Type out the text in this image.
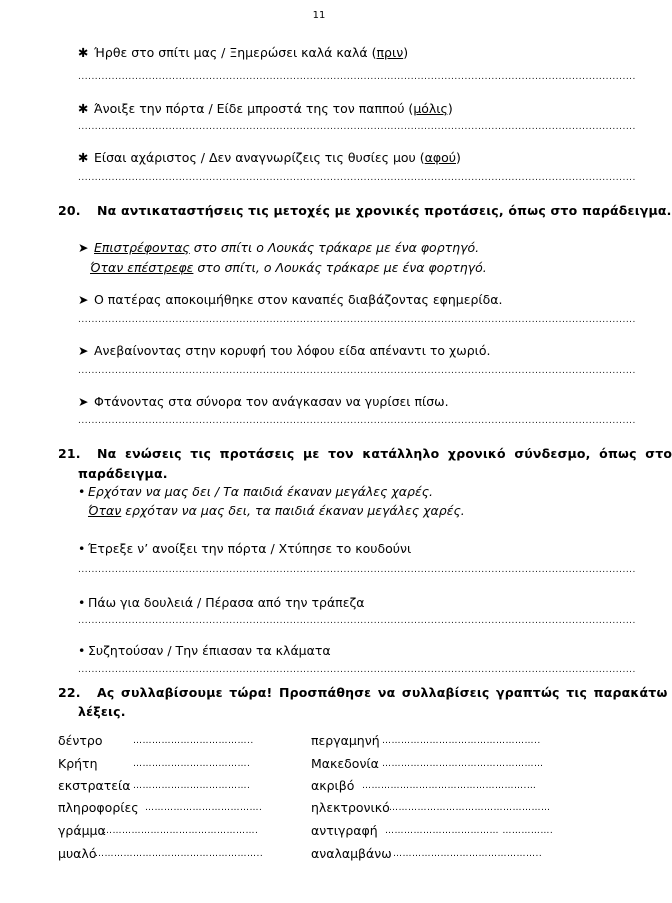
11
✱ Ήρθε στο σπίτι μας / Ξημερώσει καλά καλά (πριν)
......................................................................................................................................................................
✱ Άνοιξε την πόρτα / Είδε μπροστά της τον παππού (μόλις)
......................................................................................................................................................................
✱ Είσαι αχάριστος / Δεν αναγνωρίζεις τις θυσίες μου (αφού)
......................................................................................................................................................................
20. Να αντικαταστήσεις τις μετοχές με χρονικές προτάσεις, όπως στο παράδειγμα.
➤ Επιστρέφοντας στο σπίτι ο Λουκάς τράκαρε με ένα φορτηγό.
Όταν επέστρεφε στο σπίτι, ο Λουκάς τράκαρε με ένα φορτηγό.
➤ Ο πατέρας αποκοιμήθηκε στον καναπές διαβάζοντας εφημερίδα.
......................................................................................................................................................................
➤ Ανεβαίνοντας στην κορυφή του λόφου είδα απέναντι το χωριό.
......................................................................................................................................................................
➤ Φτάνοντας στα σύνορα τον ανάγκασαν να γυρίσει πίσω.
......................................................................................................................................................................
21. Να ενώσεις τις προτάσεις με τον κατάλληλο χρονικό σύνδεσμο, όπως στο
παράδειγμα.
• Ερχόταν να μας δει / Τα παιδιά έκαναν μεγάλες χαρές.
Όταν ερχόταν να μας δει, τα παιδιά έκαναν μεγάλες χαρές.
• Έτρεξε ν’ ανοίξει την πόρτα / Χτύπησε το κουδούνι
......................................................................................................................................................................
• Πάω για δουλειά / Πέρασα από την τράπεζα
......................................................................................................................................................................
• Συζητούσαν / Την έπιασαν τα κλάματα
......................................................................................................................................................................
22. Ας συλλαβίσουμε τώρα! Προσπάθησε να συλλαβίσεις γραπτώς τις παρακάτω
λέξεις.
δέντρο	………………………………..
Κρήτη	……………………………….
εκστρατεία ……………………………….
πληροφορίες ……………………………….
γράμμα
………………………………………….
μυαλό
……………………………………………..
περγαμηνή …………………………………………..
Μακεδονία ……………………………………………
ακριβό …………………………………………….…
ηλεκτρονικό ……………………………………………
αντιγραφή ……………………………… …………….
αναλαμβάνω ………………………………………..
